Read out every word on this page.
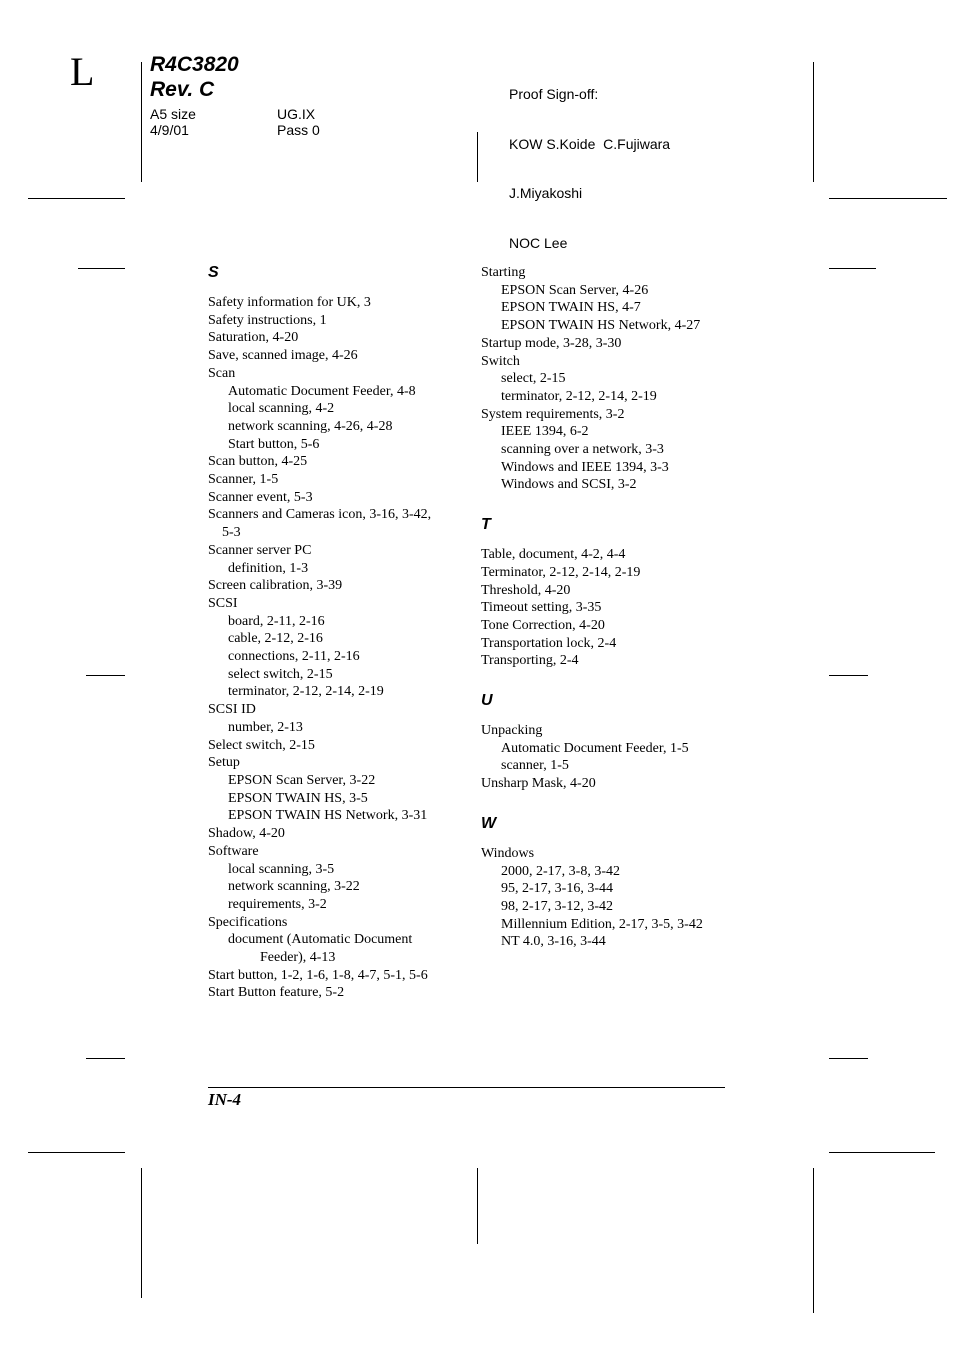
L	R4C3820
Rev. C
A5 size	UG.IX
4/9/01	Pass 0

Proof Sign-off:

KOW S.Koide  C.Fujiwara

J.Miyakoshi

NOC Lee

S
Safety information for UK, 3
Safety instructions, 1
Saturation, 4-20
Save, scanned image, 4-26
Scan
Automatic Document Feeder, 4-8
local scanning, 4-2
network scanning, 4-26, 4-28
Start button, 5-6
Scan button, 4-25
Scanner, 1-5
Scanner event, 5-3
Scanners and Cameras icon, 3-16, 3-42,
5-3
Scanner server PC
definition, 1-3
Screen calibration, 3-39
SCSI
board, 2-11, 2-16
cable, 2-12, 2-16
connections, 2-11, 2-16
select switch, 2-15
terminator, 2-12, 2-14, 2-19
SCSI ID
number, 2-13
Select switch, 2-15
Setup
EPSON Scan Server, 3-22
EPSON TWAIN HS, 3-5
EPSON TWAIN HS Network, 3-31
Shadow, 4-20
Software
local scanning, 3-5
network scanning, 3-22
requirements, 3-2
Specifications
document (Automatic Document
Feeder), 4-13
Start button, 1-2, 1-6, 1-8, 4-7, 5-1, 5-6
Start Button feature, 5-2
Starting
EPSON Scan Server, 4-26
EPSON TWAIN HS, 4-7
EPSON TWAIN HS Network, 4-27
Startup mode, 3-28, 3-30
Switch
select, 2-15
terminator, 2-12, 2-14, 2-19
System requirements, 3-2
IEEE 1394, 6-2
scanning over a network, 3-3
Windows and IEEE 1394, 3-3
Windows and SCSI, 3-2
T
Table, document, 4-2, 4-4
Terminator, 2-12, 2-14, 2-19
Threshold, 4-20
Timeout setting, 3-35
Tone Correction, 4-20
Transportation lock, 2-4
Transporting, 2-4
U
Unpacking
Automatic Document Feeder, 1-5
scanner, 1-5
Unsharp Mask, 4-20
W
Windows
2000, 2-17, 3-8, 3-42
95, 2-17, 3-16, 3-44
98, 2-17, 3-12, 3-42
Millennium Edition, 2-17, 3-5, 3-42
NT 4.0, 3-16, 3-44
IN-4
